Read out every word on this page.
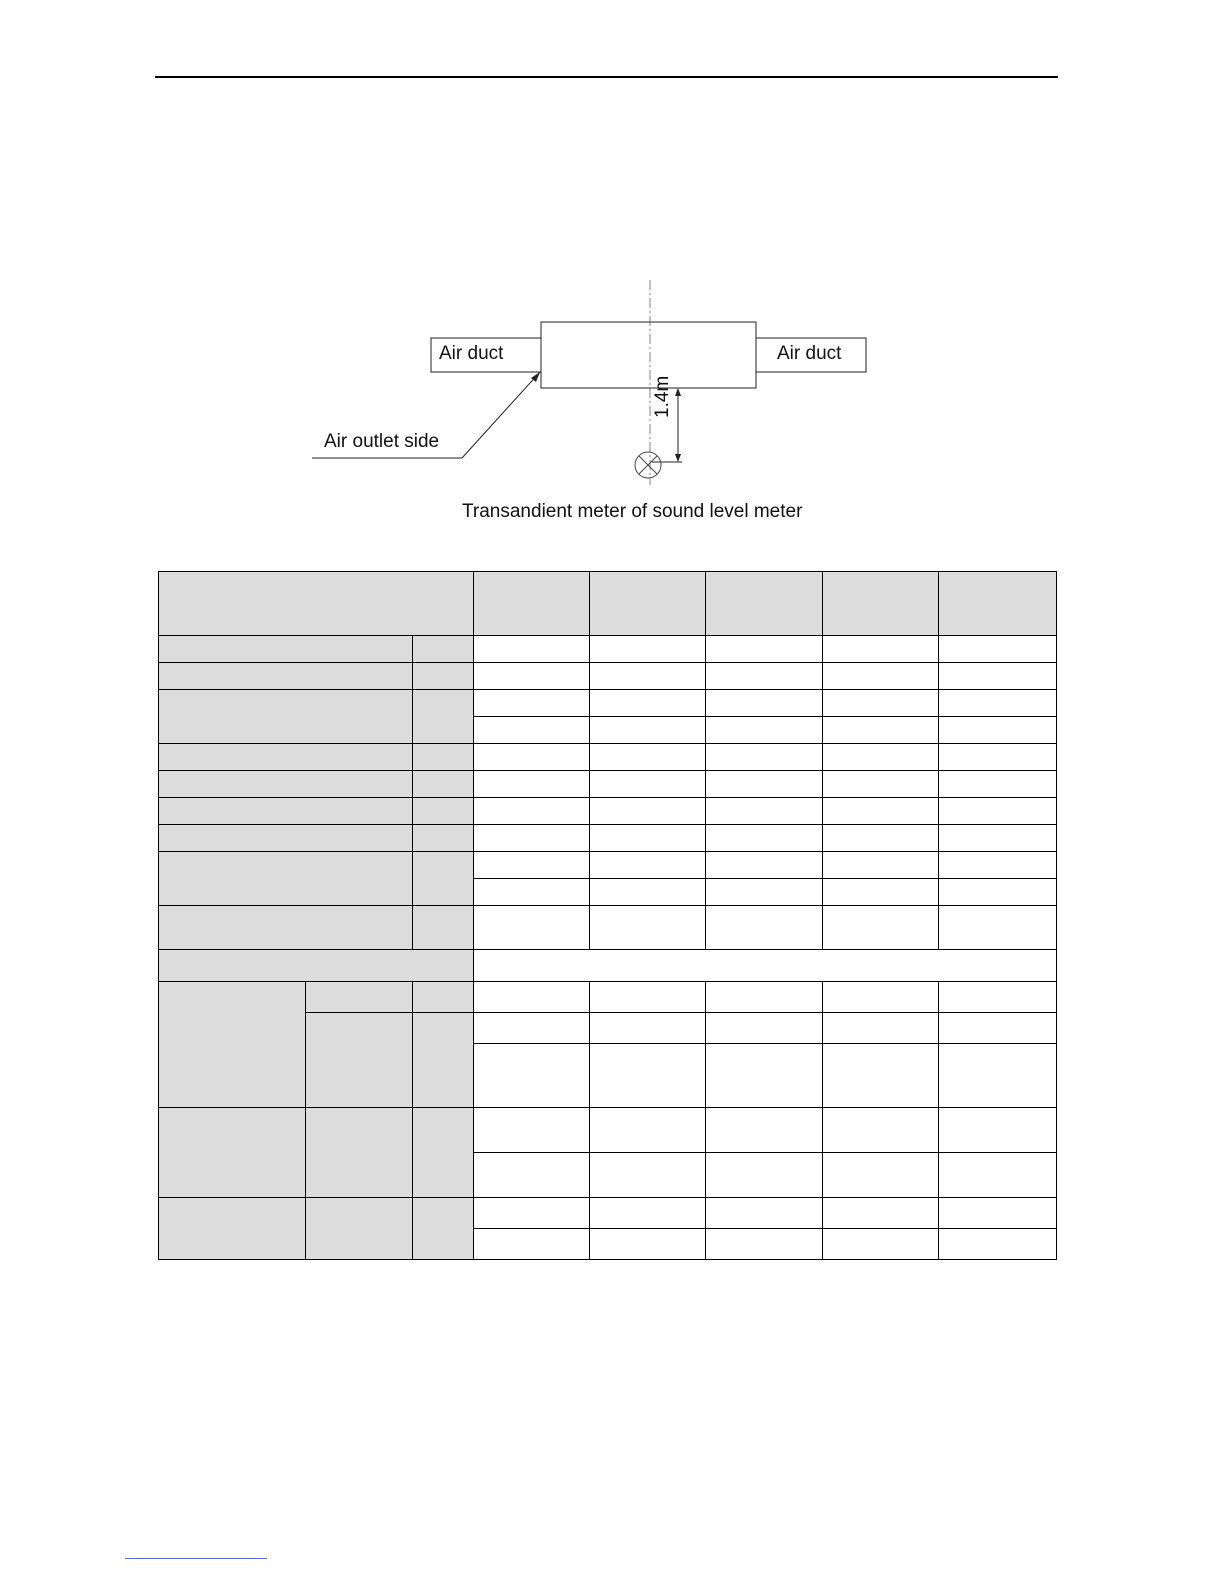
Air duct	Air duct
Air outlet side
1.4m
Transandient meter of sound level meter
